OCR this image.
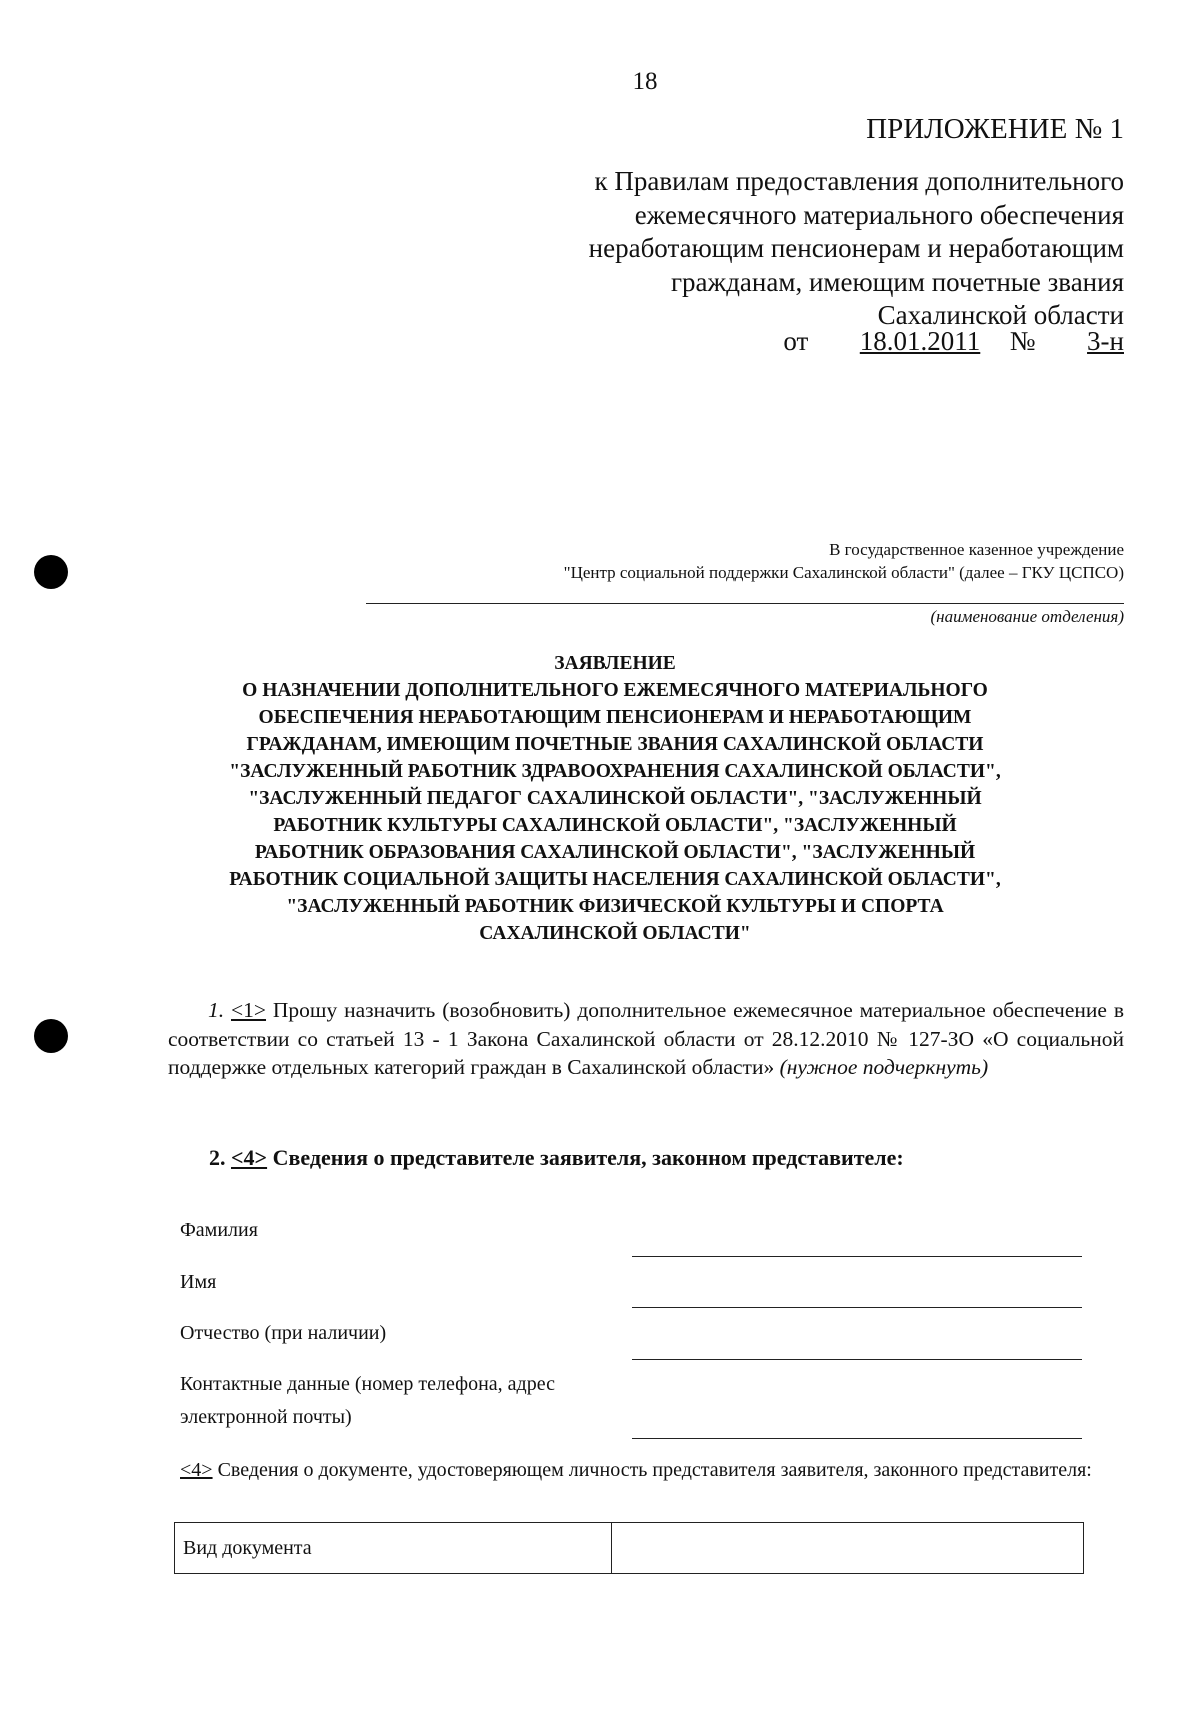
18
ПРИЛОЖЕНИЕ № 1
к Правилам предоставления дополнительного
ежемесячного материального обеспечения
неработающим пенсионерам и неработающим
гражданам, имеющим почетные звания
Сахалинской области
от 18.01.2011 № 3-н
В государственное казенное учреждение
"Центр социальной поддержки Сахалинской области" (далее – ГКУ ЦСПСО)
(наименование отделения)
ЗАЯВЛЕНИЕ
О НАЗНАЧЕНИИ ДОПОЛНИТЕЛЬНОГО ЕЖЕМЕСЯЧНОГО МАТЕРИАЛЬНОГО
ОБЕСПЕЧЕНИЯ НЕРАБОТАЮЩИМ ПЕНСИОНЕРАМ И НЕРАБОТАЮЩИМ
ГРАЖДАНАМ, ИМЕЮЩИМ ПОЧЕТНЫЕ ЗВАНИЯ САХАЛИНСКОЙ ОБЛАСТИ
"ЗАСЛУЖЕННЫЙ РАБОТНИК ЗДРАВООХРАНЕНИЯ САХАЛИНСКОЙ ОБЛАСТИ",
"ЗАСЛУЖЕННЫЙ ПЕДАГОГ САХАЛИНСКОЙ ОБЛАСТИ", "ЗАСЛУЖЕННЫЙ
РАБОТНИК КУЛЬТУРЫ САХАЛИНСКОЙ ОБЛАСТИ", "ЗАСЛУЖЕННЫЙ
РАБОТНИК ОБРАЗОВАНИЯ САХАЛИНСКОЙ ОБЛАСТИ", "ЗАСЛУЖЕННЫЙ
РАБОТНИК СОЦИАЛЬНОЙ ЗАЩИТЫ НАСЕЛЕНИЯ САХАЛИНСКОЙ ОБЛАСТИ",
"ЗАСЛУЖЕННЫЙ РАБОТНИК ФИЗИЧЕСКОЙ КУЛЬТУРЫ И СПОРТА
САХАЛИНСКОЙ ОБЛАСТИ"
1. <1> Прошу назначить (возобновить) дополнительное ежемесячное материальное обеспечение в соответствии со статьей 13 - 1 Закона Сахалинской области от 28.12.2010 № 127-ЗО «О социальной поддержке отдельных категорий граждан в Сахалинской области» (нужное подчеркнуть)
2. <4> Сведения о представителе заявителя, законном представителе:
Фамилия
Имя
Отчество (при наличии)
Контактные данные (номер телефона, адрес
электронной почты)
<4> Сведения о документе, удостоверяющем личность представителя заявителя, законного представителя:
Вид документа	
